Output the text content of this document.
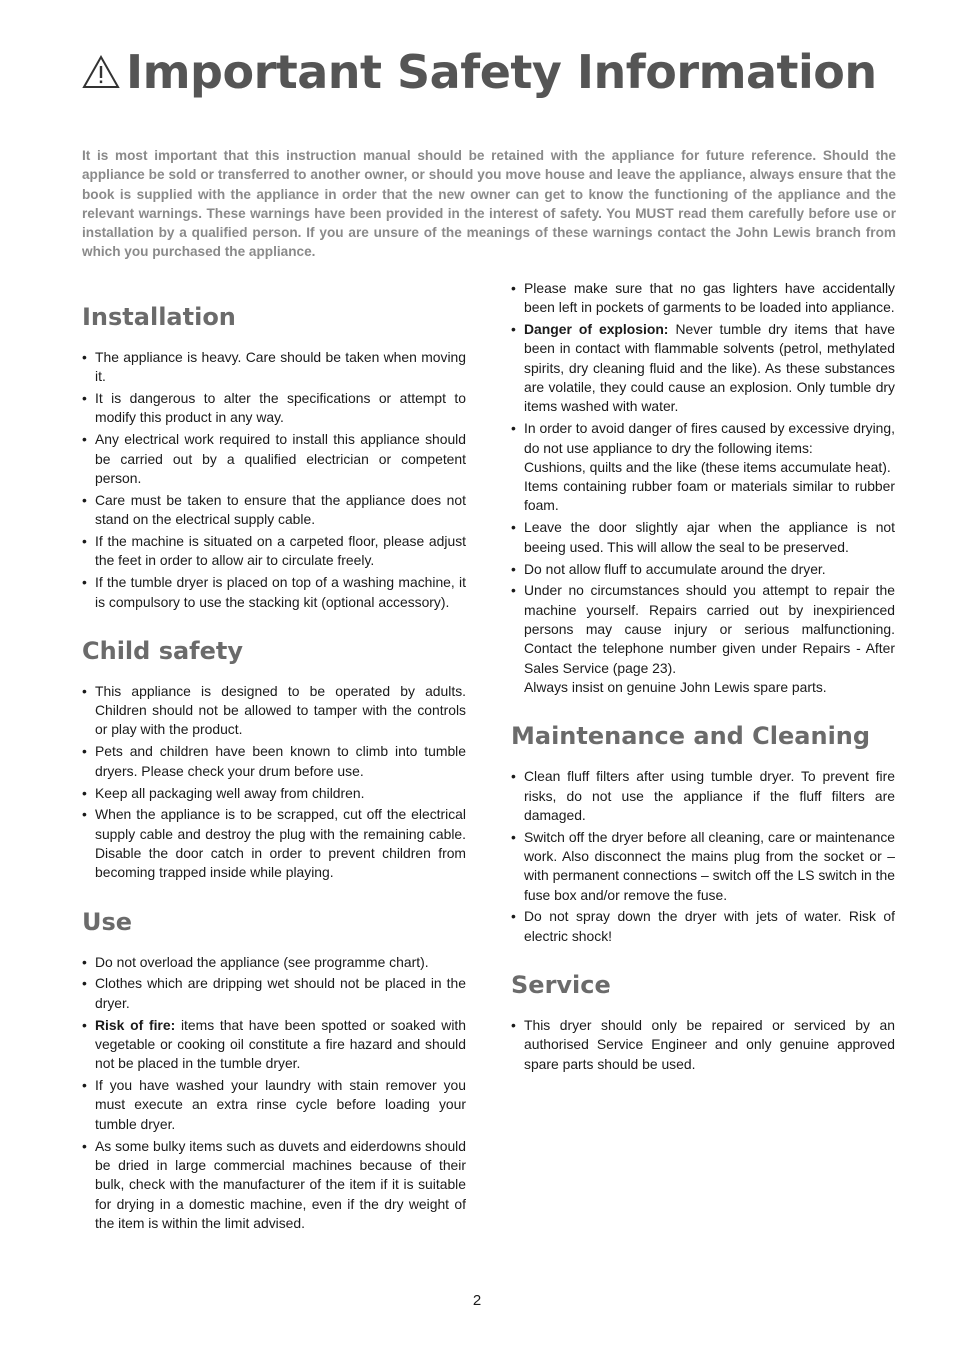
Important Safety Information

It is most important that this instruction manual should be retained with the appliance for future reference. Should the appliance be sold or transferred to another owner, or should you move house and leave the appliance, always ensure that the book is supplied with the appliance in order that the new owner can get to know the functioning of the appliance and the relevant warnings. These warnings have been provided in the interest of safety. You MUST read them carefully before use or installation by a qualified person. If you are unsure of the meanings of these warnings contact the John Lewis branch from which you purchased the appliance.

Installation
• The appliance is heavy. Care should be taken when moving it.
• It is dangerous to alter the specifications or attempt to modify this product in any way.
• Any electrical work required to install this appliance should be carried out by a qualified electrician or competent person.
• Care must be taken to ensure that the appliance does not stand on the electrical supply cable.
• If the machine is situated on a carpeted floor, please adjust the feet in order to allow air to circulate freely.
• If the tumble dryer is placed on top of a washing machine, it is compulsory to use the stacking kit (optional accessory).
Child safety
• This appliance is designed to be operated by adults. Children should not be allowed to tamper with the controls or play with the product.
• Pets and children have been known to climb into tumble dryers. Please check your drum before use.
• Keep all packaging well away from children.
• When the appliance is to be scrapped, cut off the electrical supply cable and destroy the plug with the remaining cable. Disable the door catch in order to prevent children from becoming trapped inside while playing.
Use
• Do not overload the appliance (see programme chart).
• Clothes which are dripping wet should not be placed in the dryer.
• Risk of fire: items that have been spotted or soaked with vegetable or cooking oil constitute a fire hazard and should not be placed in the tumble dryer.
• If you have washed your laundry with stain remover you must execute an extra rinse cycle before loading your tumble dryer.
• As some bulky items such as duvets and eiderdowns should be dried in large commercial machines because of their bulk, check with the manufacturer of the item if it is suitable for drying in a domestic machine, even if the dry weight of the item is within the limit advised.
• Please make sure that no gas lighters have accidentally been left in pockets of garments to be loaded into appliance.
• Danger of explosion: Never tumble dry items that have been in contact with flammable solvents (petrol, methylated spirits, dry cleaning fluid and the like). As these substances are volatile, they could cause an explosion. Only tumble dry items washed with water.
• In order to avoid danger of fires caused by excessive drying, do not use appliance to dry the following items:
Cushions, quilts and the like (these items accumulate heat).
Items containing rubber foam or materials similar to rubber foam.
• Leave the door slightly ajar when the appliance is not beeing used. This will allow the seal to be preserved.
• Do not allow fluff to accumulate around the dryer.
• Under no circumstances should you attempt to repair the machine yourself. Repairs carried out by inexpirienced persons may cause injury or serious malfunctioning. Contact the telephone number given under Repairs - After Sales Service (page 23).
Always insist on genuine John Lewis spare parts.
Maintenance and Cleaning
• Clean fluff filters after using tumble dryer. To prevent fire risks, do not use the appliance if the fluff filters are damaged.
• Switch off the dryer before all cleaning, care or maintenance work. Also disconnect the mains plug from the socket or – with permanent connections – switch off the LS switch in the fuse box and/or remove the fuse.
• Do not spray down the dryer with jets of water. Risk of electric shock!
Service
• This dryer should only be repaired or serviced by an authorised Service Engineer and only genuine approved spare parts should be used.
2
